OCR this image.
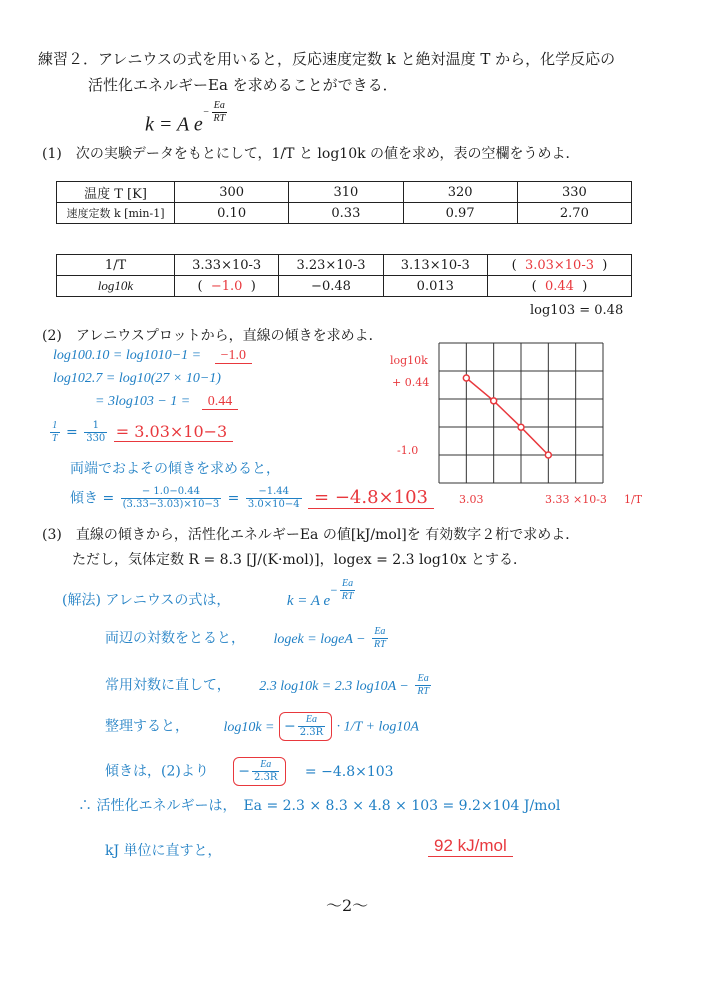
練習２．アレニウスの式を用いると，反応速度定数 k と絶対温度 T から，化学反応の
活性化エネルギーEa を求めることができる．
k = A $e^{- \frac{Ea}{RT}}$
(1)　次の実験データをもとにして，1/T と log10k の値を求め，表の空欄をうめよ．
温度 T [K]	300	310	320	330
速度定数 k [min-1]	0.10	0.33	0.97	2.70
1/T	3.33×10-3	3.23×10-3	3.13×10-3	(  3.03×10-3  )
log10k	(  −1.0  )	−0.48	0.013	(  0.44  )
log103 = 0.48
(2)　アレニウスプロットから，直線の傾きを求めよ．
log100.10 = log1010−1 = −1.0
log102.7 = log10(27 × 10−1)
= 3log103 − 1 = 0.44
$\frac{1}{T} = \frac{1}{330} = 3.03\times 10-3$
両端でおよその傾きを求めると，
傾き = $\frac{- 1.0-0.44}{(3.33-3.03)\times 10-3} = \frac{-1.44}{3.0\times 10-4} = -4.8\times 103$
log10k
+ 0.44
-1.0
3.03	3.33 ×10-3 1/T
(3)　直線の傾きから，活性化エネルギーEa の値[kJ/mol]を 有効数字２桁で求めよ．
ただし，気体定数 R = 8.3 [J/(K·mol)]，logex = 2.3 log10x とする．
(解法) アレニウスの式は，	k = A $e^{- \frac{Ea}{RT}}$
両辺の対数をとると， logek = logeA − $\frac{Ea}{RT}$
常用対数に直して， 2.3 log10k = 2.3 $\log 10A - \frac{Ea}{RT}$
整理すると， log10k = − $\frac{Ea}{2.3R} \cdot 1/T + \log 10A$
傾きは，(2)より − $\frac{Ea}{2.3R} = -4.8\times 103$
∴ 活性化エネルギーは，　Ea = 2.3 × 8.3 × 4.8 × 103 = 9.2×104 J/mol
kJ 単位に直すと，	92 kJ/mol
～2～
